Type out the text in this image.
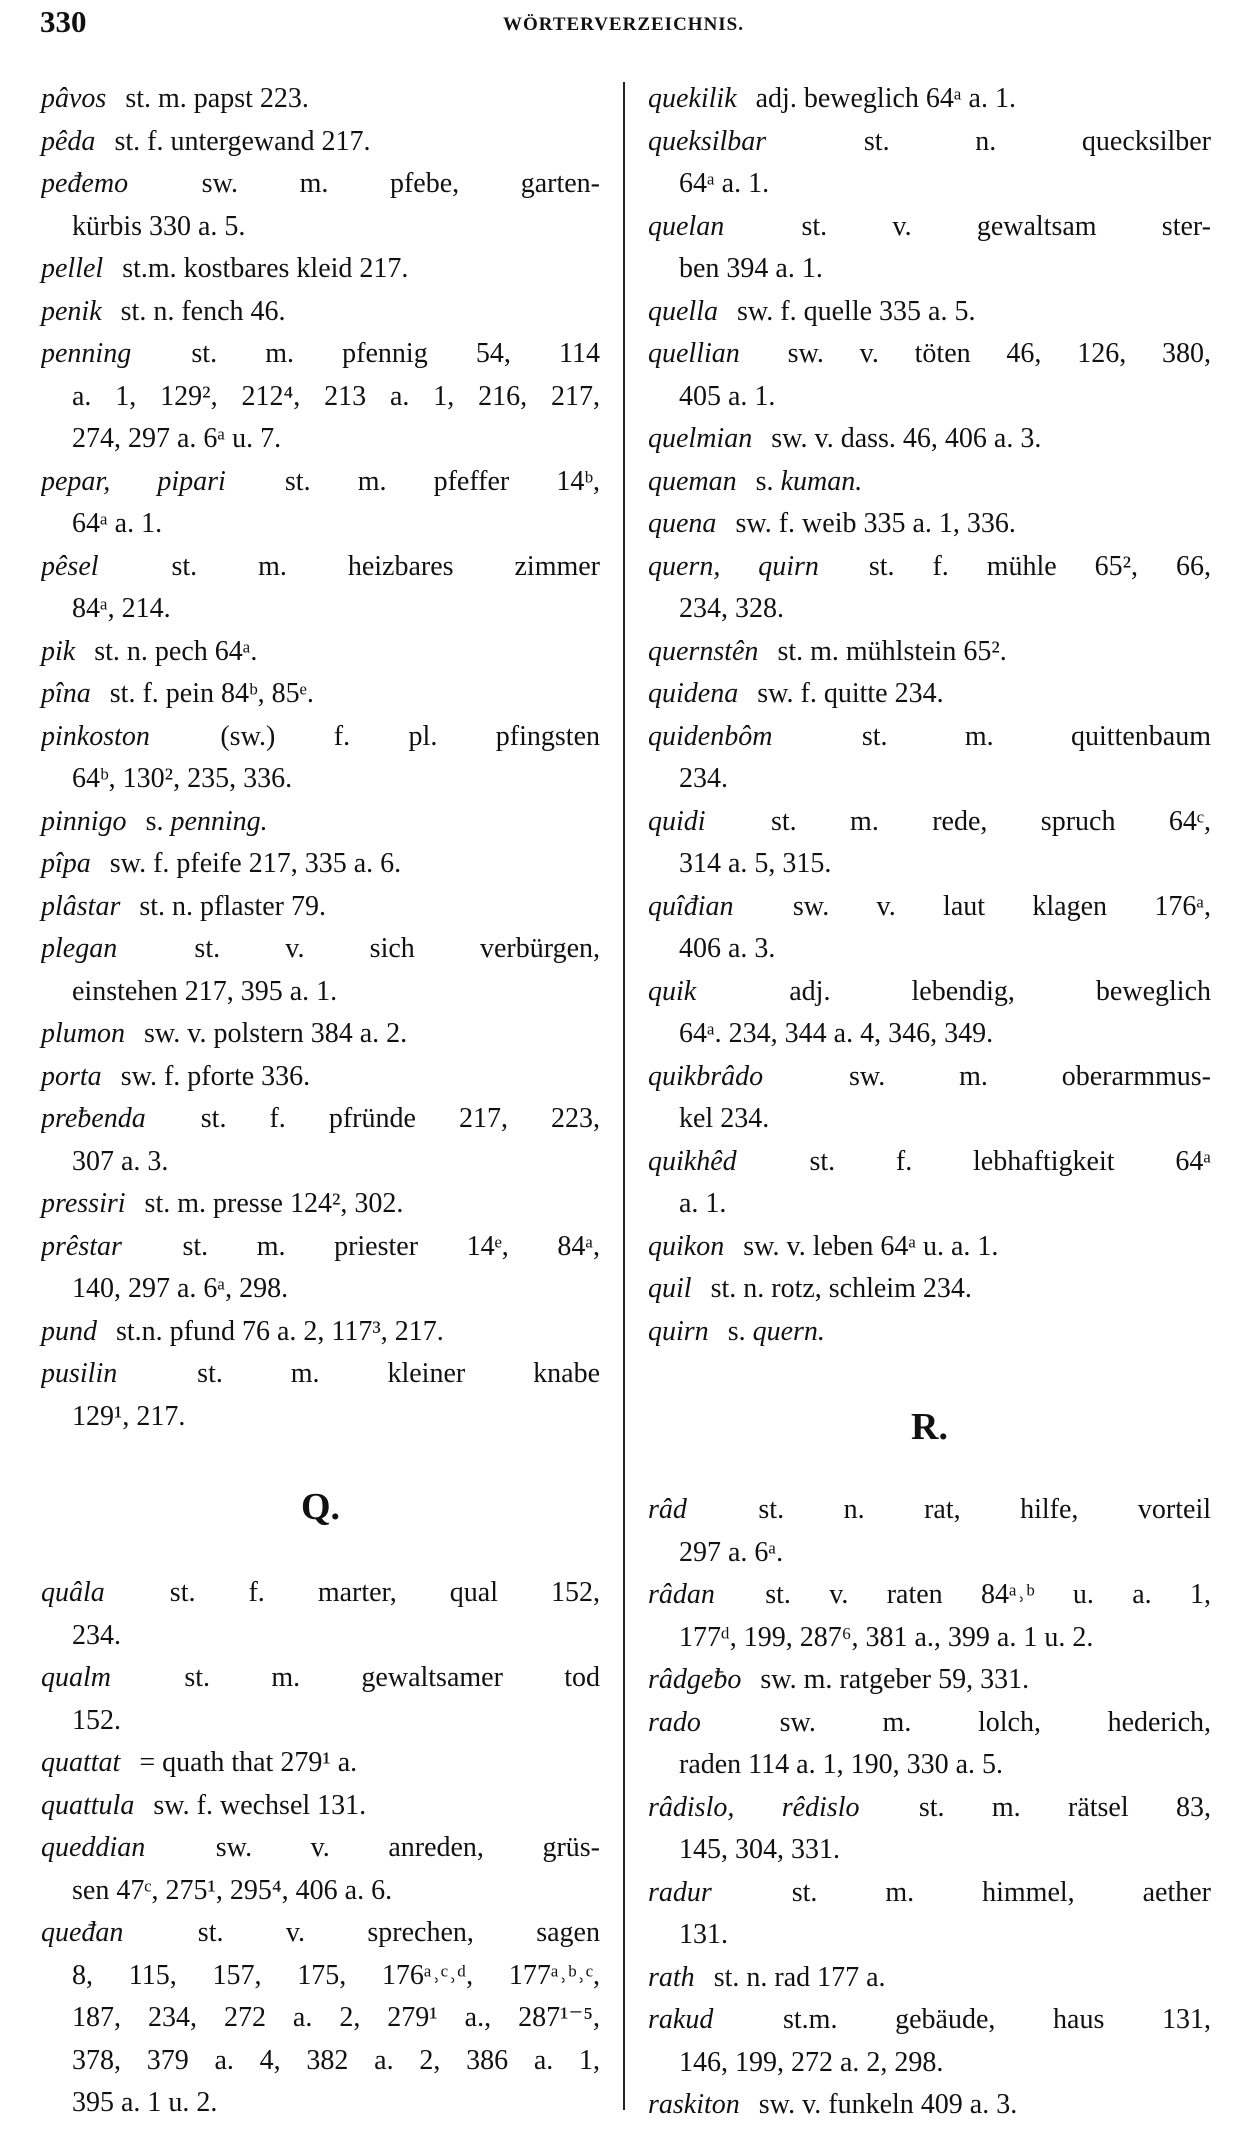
330	WÖRTERVERZEICHNIS.
pâvos st. m. papst 223.
pêda st. f. untergewand 217.
peđemo	sw. m. pfebe, garten-
kürbis 330 a. 5.
pellel st.m. kostbares kleid 217.
penik st. n. fench 46.
penning st. m. pfennig 54, 114
a. 1, 129², 212⁴, 213 a. 1, 216, 217,
274, 297 a. 6ᵃ u. 7.
pepar, pipari st. m. pfeffer 14ᵇ,
64ᵃ a. 1.
pêsel	st. m. heizbares zimmer
84ᵃ, 214.
pik st. n. pech 64ᵃ.
pîna st. f. pein 84ᵇ, 85ᵉ.
pinkoston	(sw.) f. pl. pfingsten
64ᵇ, 130², 235, 336.
pinnigo s. penning.
pîpa sw. f. pfeife 217, 335 a. 6.
plâstar st. n. pflaster 79.
plegan	st. v. sich verbürgen,
einstehen 217, 395 a. 1.
plumon sw. v. polstern 384 a. 2.
porta sw. f. pforte 336.
preƀenda st. f. pfründe 217, 223,
307 a. 3.
pressiri st. m. presse 124², 302.
prêstar st. m. priester 14ᵉ, 84ᵃ,
140, 297 a. 6ᵃ, 298.
pund st.n. pfund 76 a. 2, 117³, 217.
pusilin	st. m. kleiner knabe
129¹, 217.
Q.
quâla st. f. marter, qual 152,
234.
qualm	st. m. gewaltsamer tod
152.
quattat = quath that 279¹ a.
quattula sw. f. wechsel 131.
queddian	sw. v. anreden, grüs-
sen 47ᶜ, 275¹, 295⁴, 406 a. 6.
queđan	st. v. sprechen, sagen
8, 115, 157, 175, 176ᵃ˒ᶜ˒ᵈ, 177ᵃ˒ᵇ˒ᶜ,
187, 234, 272 a. 2, 279¹ a., 287¹⁻⁵,
378, 379 a. 4, 382 a. 2, 386 a. 1,
395 a. 1 u. 2.
quekilik adj. beweglich 64ᵃ a. 1.
queksilbar	st. n. quecksilber
64ᵃ a. 1.
quelan	st. v. gewaltsam ster-
ben 394 a. 1.
quella sw. f. quelle 335 a. 5.
quellian sw. v. töten 46, 126, 380,
405 a. 1.
quelmian sw. v. dass. 46, 406 a. 3.
queman s. kuman.
quena sw. f. weib 335 a. 1, 336.
quern, quirn st. f. mühle 65², 66,
234, 328.
quernstên st. m. mühlstein 65².
quidena sw. f. quitte 234.
quidenbôm	st. m. quittenbaum
234.
quidi st. m. rede, spruch 64ᶜ,
314 a. 5, 315.
quîđian sw. v. laut klagen 176ᵃ,
406 a. 3.
quik	adj. lebendig, beweglich
64ᵃ. 234, 344 a. 4, 346, 349.
quikbrâdo	sw. m. oberarmmus-
kel 234.
quikhêd	st. f. lebhaftigkeit 64ᵃ
a. 1.
quikon sw. v. leben 64ᵃ u. a. 1.
quil st. n. rotz, schleim 234.
quirn s. quern.
R.
râd	st. n. rat, hilfe, vorteil
297 a. 6ᵃ.
râdan st. v. raten 84ᵃ˒ᵇ u. a. 1,
177ᵈ, 199, 287⁶, 381 a., 399 a. 1 u. 2.
râdgeƀo sw. m. ratgeber 59, 331.
rado	sw. m. lolch, hederich,
raden 114 a. 1, 190, 330 a. 5.
râdislo, rêdislo st. m. rätsel 83,
145, 304, 331.
radur	st. m. himmel, aether
131.
rath st. n. rad 177 a.
rakud st.m. gebäude, haus 131,
146, 199, 272 a. 2, 298.
raskiton sw. v. funkeln 409 a. 3.
